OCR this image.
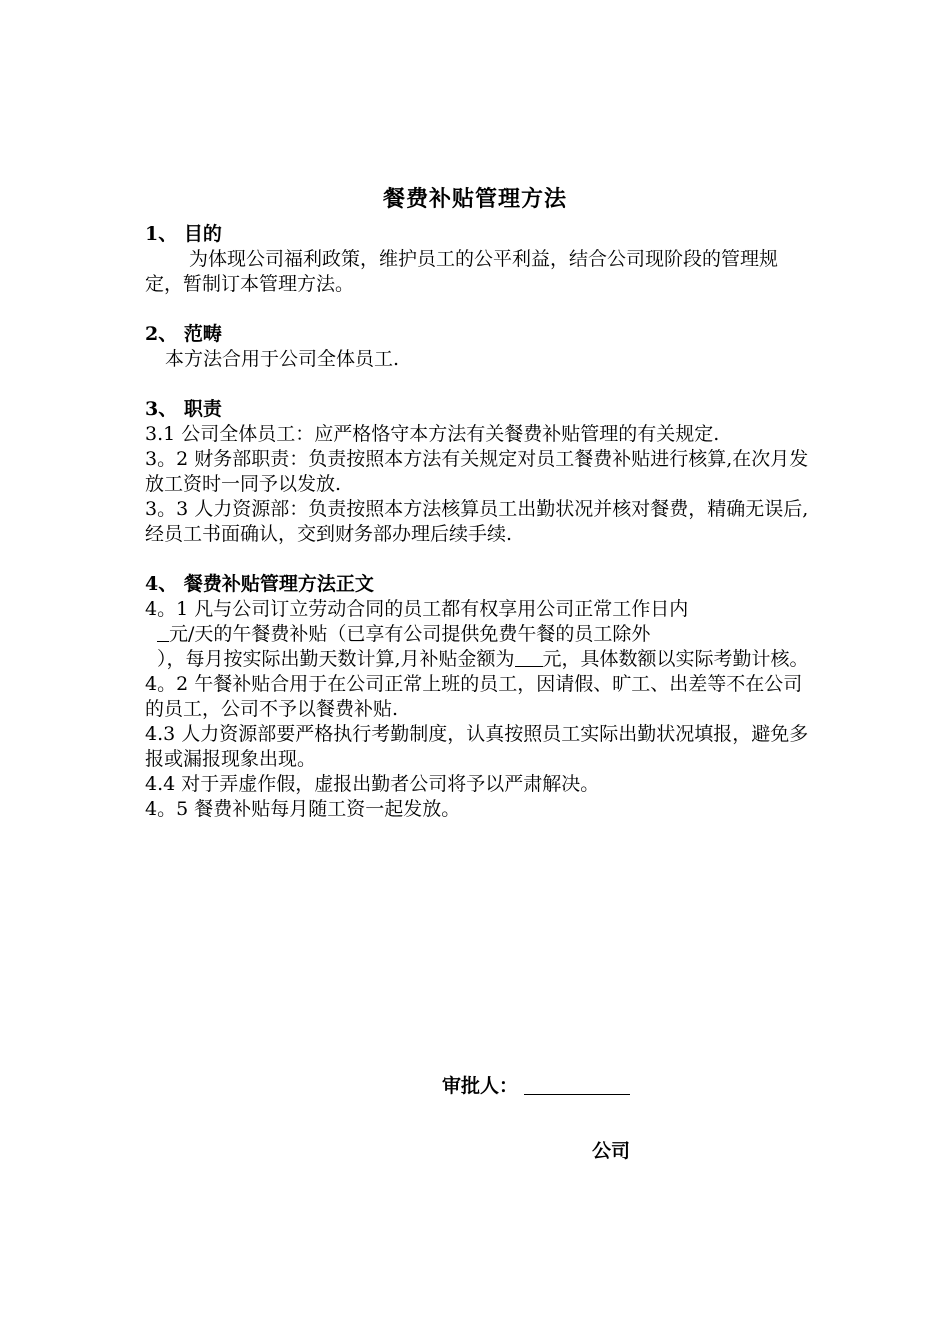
餐费补贴管理方法

1、 目的

为体现公司福利政策，维护员工的公平利益，结合公司现阶段的管理规定，暂制订本管理方法。

2、 范畴

本方法合用于公司全体员工.

3、 职责

3.1 公司全体员工：应严格恪守本方法有关餐费补贴管理的有关规定.

3。2 财务部职责：负责按照本方法有关规定对员工餐费补贴进行核算,在次月发放工资时一同予以发放.

3。3 人力资源部：负责按照本方法核算员工出勤状况并核对餐费，精确无误后,经员工书面确认，交到财务部办理后续手续.

4、 餐费补贴管理方法正文

4。1 凡与公司订立劳动合同的员工都有权享用公司正常工作日内
元/天的午餐费补贴（已享有公司提供免费午餐的员工除外
），每月按实际出勤天数计算,月补贴金额为 元，具体数额以实际考勤计核。

4。2 午餐补贴合用于在公司正常上班的员工，因请假、旷工、出差等不在公司的员工，公司不予以餐费补贴.

4.3 人力资源部要严格执行考勤制度，认真按照员工实际出勤状况填报，避免多报或漏报现象出现。

4.4 对于弄虚作假，虚报出勤者公司将予以严肃解决。

4。5 餐费补贴每月随工资一起发放。

审批人：
公司
